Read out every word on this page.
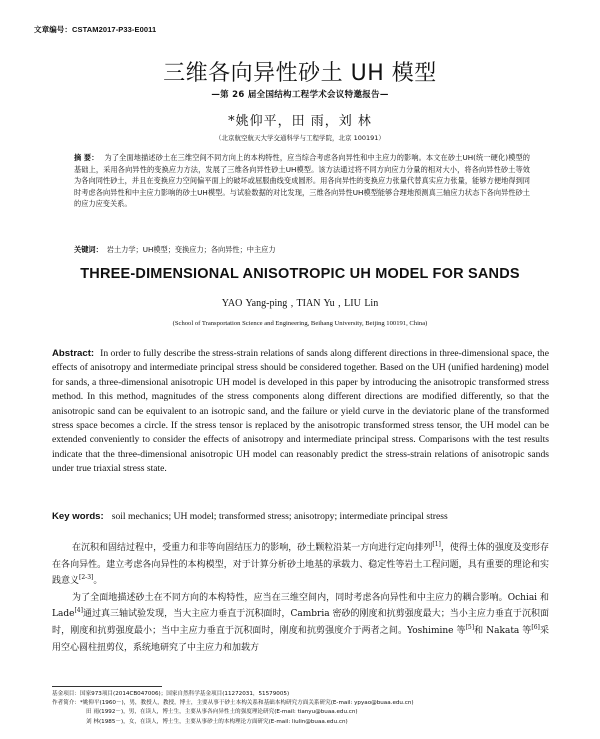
文章编号：CSTAM2017-P33-E0011
三维各向异性砂土 UH 模型
—第 26 届全国结构工程学术会议特邀报告—
*姚仰平，田 雨，刘 林
（北京航空航天大学交通科学与工程学院，北京 100191）
摘 要： 为了全面地描述砂土在三维空间不同方向上的本构特性，应当综合考虑各向异性和中主应力的影响。本文在砂土UH(统一硬化)模型的基础上，采用各向异性的变换应力方法，发展了三维各向异性砂土UH模型。该方法通过将不同方向应力分量的相对大小，将各向异性砂土等效为各向同性砂土，并且在变换应力空间偏平面上的破坏或屈服曲线变成圆形。用各向异性的变换应力张量代替真实应力张量，能够方便地得到同时考虑各向异性和中主应力影响的砂土UH模型。与试验数据的对比发现，三维各向异性UH模型能够合理地预测真三轴应力状态下各向异性砂土的应力应变关系。
关键词： 岩土力学；UH模型；变换应力；各向异性；中主应力
THREE-DIMENSIONAL ANISOTROPIC UH MODEL FOR SANDS
YAO Yang-ping , TIAN Yu , LIU Lin
(School of Transportation Science and Engineering, Beihang University, Beijing 100191, China)
Abstract: In order to fully describe the stress-strain relations of sands along different directions in three-dimensional space, the effects of anisotropy and intermediate principal stress should be considered together. Based on the UH (unified hardening) model for sands, a three-dimensional anisotropic UH model is developed in this paper by introducing the anisotropic transformed stress method. In this method, magnitudes of the stress components along different directions are modified differently, so that the anisotropic sand can be equivalent to an isotropic sand, and the failure or yield curve in the deviatoric plane of the transformed stress space becomes a circle. If the stress tensor is replaced by the anisotropic transformed stress tensor, the UH model can be extended conveniently to consider the effects of anisotropy and intermediate principal stress. Comparisons with the test results indicate that the three-dimensional anisotropic UH model can reasonably predict the stress-strain relations of anisotropic sands under true triaxial stress state.
Key words: soil mechanics; UH model; transformed stress; anisotropy; intermediate principal stress

在沉积和固结过程中，受重力和非等向固结压力的影响，砂土颗粒沿某一方向进行定向排列[1]，使得土体的强度及变形存在各向异性。建立考虑各向异性的本构模型，对于计算分析砂土地基的承载力、稳定性等岩土工程问题，具有重要的理论和实践意义[2-3]。

为了全面地描述砂土在不同方向的本构特性，应当在三维空间内，同时考虑各向异性和中主应力的耦合影响。Ochiai 和 Lade[4]通过真三轴试验发现，当大主应力垂直于沉积面时，Cambria 密砂的刚度和抗剪强度最大；当小主应力垂直于沉积面时，刚度和抗剪强度最小；当中主应力垂直于沉积面时，刚度和抗剪强度介于两者之间。Yoshimine 等[5]和 Nakata 等[6]采用空心圆柱扭剪仪，系统地研究了中主应力和加载方

基金项目：国家973项目(2014CB047006)；国家自然科学基金项目(11272031，51579005)
作者简介：*姚仰平(1960－)，男，教授人，教授，博士，主要从事于砂土本构关系和基础本构研究方面关系研究(E-mail: ypyao@buaa.edu.cn)
田 雨(1992－)，男，在读人，博士生，主要从事各向异性土的强度理论研究(E-mail: tianyu@buaa.edu.cn)
刘 林(1985－)，女，在读人，博士生，主要从事砂土的本构理论方面研究(E-mail: liulin@buaa.edu.cn)
